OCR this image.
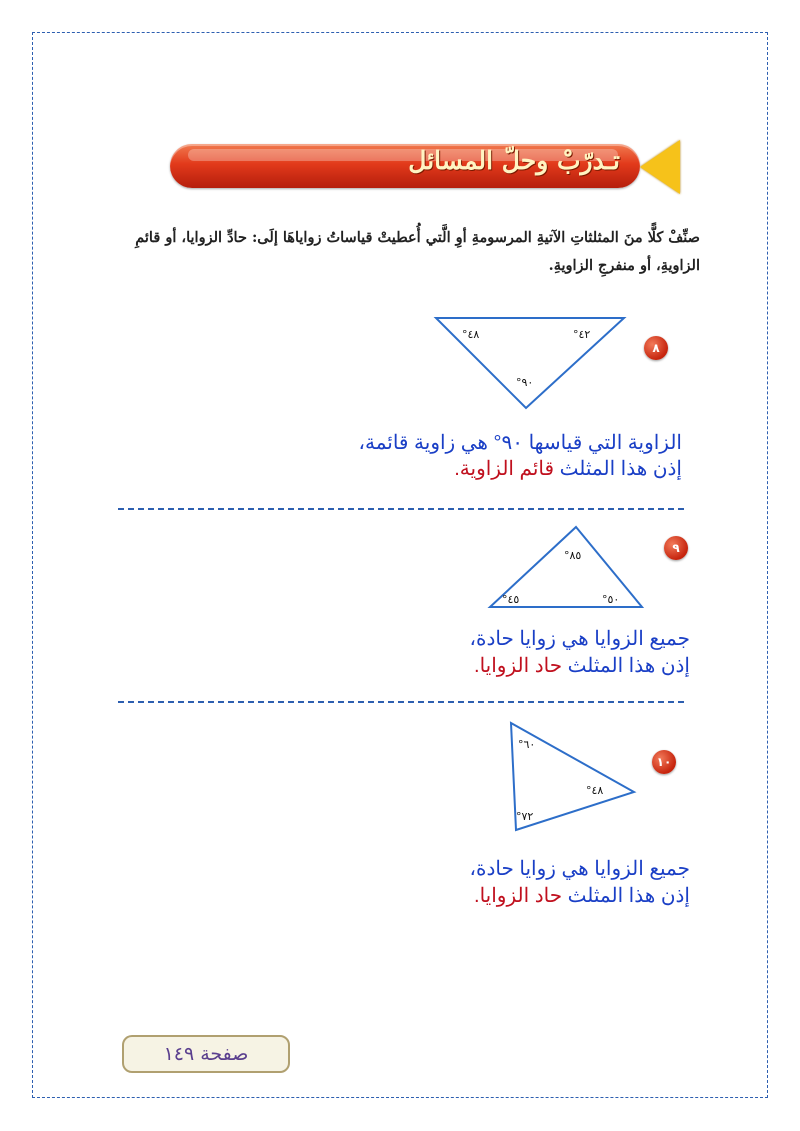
تـدرّبْ وحلّ المسائل
صنِّفْ كلًّا منَ المثلثاتِ الآتيةِ المرسومةِ أوِ الَّتي أُعطيتْ قياساتُ زواياهَا إلَى: حادِّ الزوايا، أو قائمِ الزاويةِ، أو منفرجِ الزاويةِ.
٨
°٤٨	°٤٢
°٩٠
الزاوية التي قياسها ٩٠° هي زاوية قائمة،
إذن هذا المثلث قائم الزاوية.
٩
°٨٥
°٤٥	°٥٠
جميع الزوايا هي زوايا حادة،
إذن هذا المثلث حاد الزوايا.
١٠
°٦٠
°٤٨
°٧٢
جميع الزوايا هي زوايا حادة،
إذن هذا المثلث حاد الزوايا.
صفحة ١٤٩
